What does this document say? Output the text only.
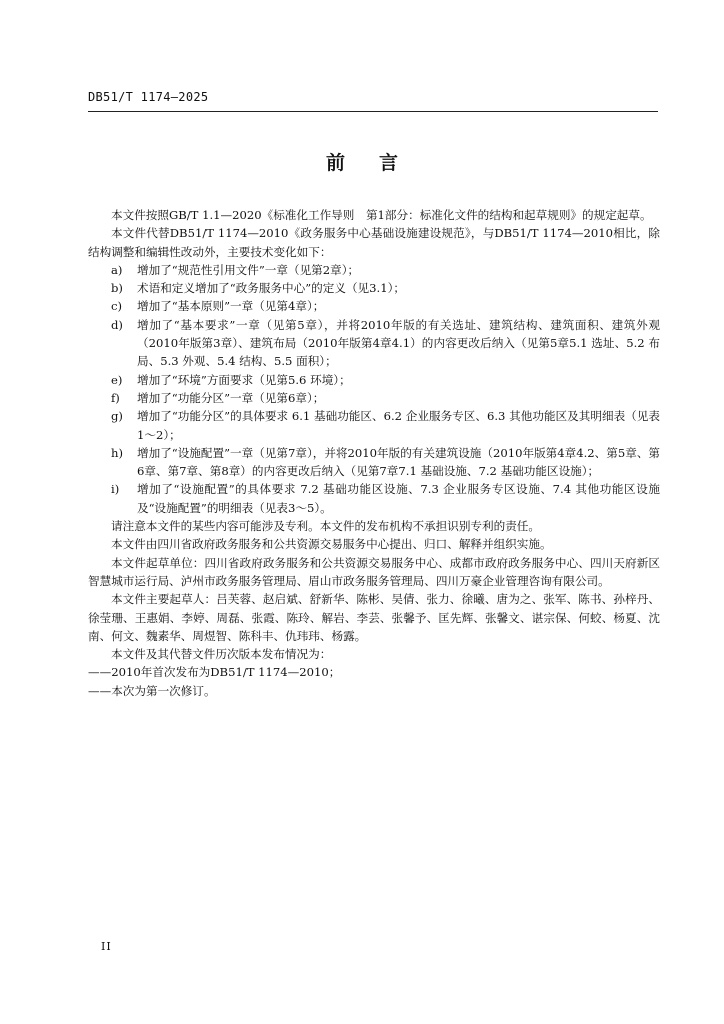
DB51/T 1174—2025
前言

本文件按照GB/T 1.1—2020《标准化工作导则　第1部分：标准化文件的结构和起草规则》的规定起草。

本文件代替DB51/T 1174—2010《政务服务中心基础设施建设规范》，与DB51/T 1174—2010相比，除结构调整和编辑性改动外，主要技术变化如下：

a)	增加了“规范性引用文件”一章（见第2章）；
b)	术语和定义增加了“政务服务中心”的定义（见3.1）；
c)	增加了“基本原则”一章（见第4章）；
d)	增加了“基本要求”一章（见第5章），并将2010年版的有关选址、建筑结构、建筑面积、建筑外观（2010年版第3章）、建筑布局（2010年版第4章4.1）的内容更改后纳入（见第5章5.1 选址、5.2 布局、5.3 外观、5.4 结构、5.5 面积）；
e)	增加了“环境”方面要求（见第5.6 环境）；
f)	增加了“功能分区”一章（见第6章）；
g)	增加了“功能分区”的具体要求 6.1 基础功能区、6.2 企业服务专区、6.3 其他功能区及其明细表（见表1～2）；
h)	增加了“设施配置”一章（见第7章），并将2010年版的有关建筑设施（2010年版第4章4.2、第5章、第6章、第7章、第8章）的内容更改后纳入（见第7章7.1 基础设施、7.2 基础功能区设施）；
i)	增加了“设施配置”的具体要求 7.2 基础功能区设施、7.3 企业服务专区设施、7.4 其他功能区设施及“设施配置”的明细表（见表3～5）。

请注意本文件的某些内容可能涉及专利。本文件的发布机构不承担识别专利的责任。

本文件由四川省政府政务服务和公共资源交易服务中心提出、归口、解释并组织实施。

本文件起草单位：四川省政府政务服务和公共资源交易服务中心、成都市政府政务服务中心、四川天府新区智慧城市运行局、泸州市政务服务管理局、眉山市政务服务管理局、四川万豪企业管理咨询有限公司。

本文件主要起草人：吕芙蓉、赵启斌、舒新华、陈彬、吴倩、张力、徐曦、唐为之、张军、陈书、孙梓丹、徐莹珊、王惠娟、李婷、周磊、张霞、陈玲、解岩、李芸、张馨予、匡先辉、张馨文、谌宗保、何蛟、杨夏、沈南、何文、魏素华、周煜智、陈科丰、仇玮玮、杨露。

本文件及其代替文件历次版本发布情况为：

——2010年首次发布为DB51/T 1174—2010；

——本次为第一次修订。

II
